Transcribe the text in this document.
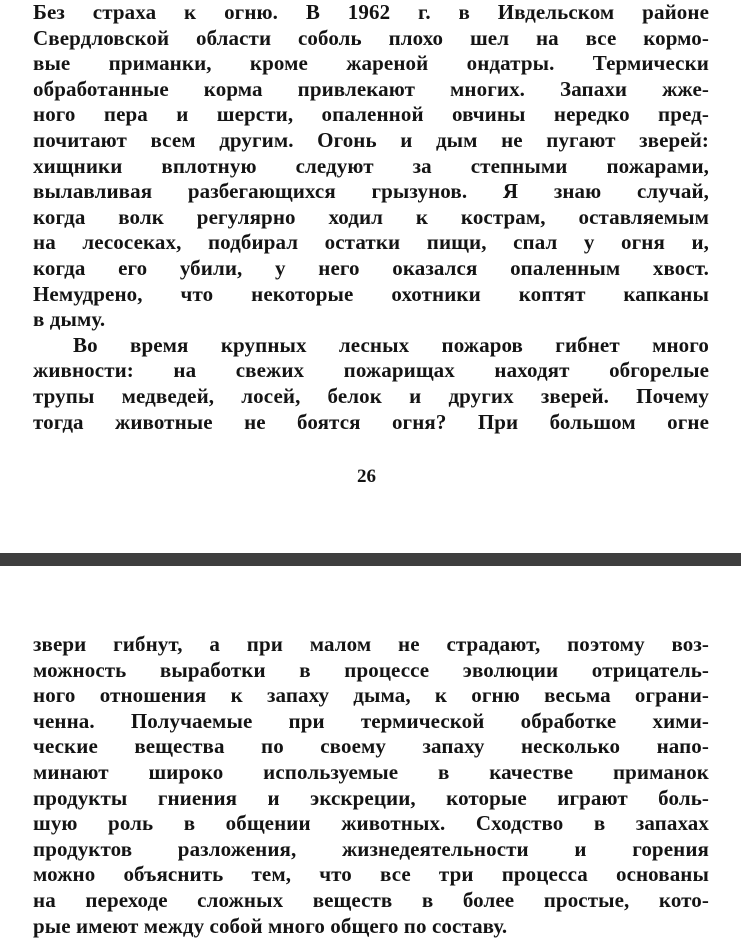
Без страха к огню. В 1962 г. в Ивдельском районе
Свердловской области соболь плохо шел на все кормо-
вые приманки, кроме жареной ондатры. Термически
обработанные корма привлекают многих. Запахи жже-
ного пера и шерсти, опаленной овчины нередко пред-
почитают всем другим. Огонь и дым не пугают зверей:
хищники вплотную следуют за степными пожарами,
вылавливая разбегающихся грызунов. Я знаю случай,
когда волк регулярно ходил к кострам, оставляемым
на лесосеках, подбирал остатки пищи, спал у огня и,
когда его убили, у него оказался опаленным хвост.
Немудрено, что некоторые охотники коптят капканы
в дыму.
Во время крупных лесных пожаров гибнет много
живности: на свежих пожарищах находят обгорелые
трупы медведей, лосей, белок и других зверей. Почему
тогда животные не боятся огня? При большом огне
26
звери гибнут, а при малом не страдают, поэтому воз-
можность выработки в процессе эволюции отрицатель-
ного отношения к запаху дыма, к огню весьма ограни-
ченна. Получаемые при термической обработке хими-
ческие вещества по своему запаху несколько напо-
минают широко используемые в качестве приманок
продукты гниения и экскреции, которые играют боль-
шую роль в общении животных. Сходство в запахах
продуктов разложения, жизнедеятельности и горения
можно объяснить тем, что все три процесса основаны
на переходе сложных веществ в более простые, кото-
рые имеют между собой много общего по составу.
